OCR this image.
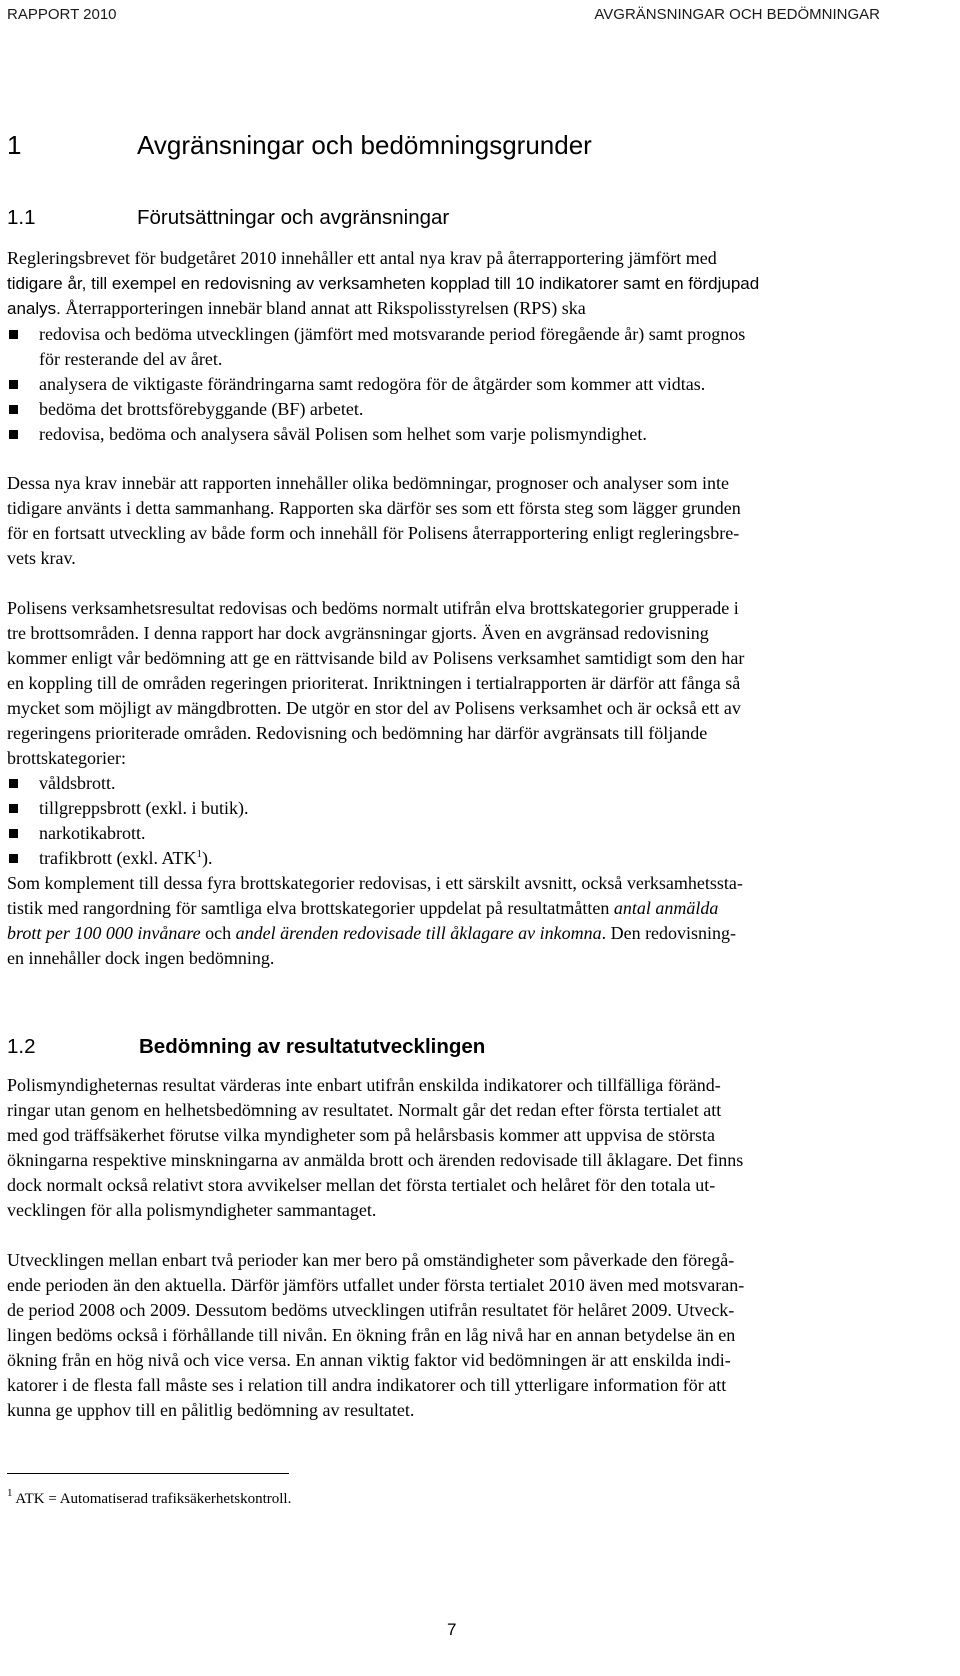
RAPPORT 2010	AVGRÄNSNINGAR OCH BEDÖMNINGAR
1	Avgränsningar och bedömningsgrunder
1.1	Förutsättningar och avgränsningar
Regleringsbrevet för budgetåret 2010 innehåller ett antal nya krav på återrapportering jämfört med
tidigare år, till exempel en redovisning av verksamheten kopplad till 10 indikatorer samt en fördjupad
analys. Återrapporteringen innebär bland annat att Rikspolisstyrelsen (RPS) ska
redovisa och bedöma utvecklingen (jämfört med motsvarande period föregående år) samt prognos
för resterande del av året.
analysera de viktigaste förändringarna samt redogöra för de åtgärder som kommer att vidtas.
bedöma det brottsförebyggande (BF) arbetet.
redovisa, bedöma och analysera såväl Polisen som helhet som varje polismyndighet.
Dessa nya krav innebär att rapporten innehåller olika bedömningar, prognoser och analyser som inte
tidigare använts i detta sammanhang. Rapporten ska därför ses som ett första steg som lägger grunden
för en fortsatt utveckling av både form och innehåll för Polisens återrapportering enligt regleringsbre-
vets krav.
Polisens verksamhetsresultat redovisas och bedöms normalt utifrån elva brottskategorier grupperade i
tre brottsområden. I denna rapport har dock avgränsningar gjorts. Även en avgränsad redovisning
kommer enligt vår bedömning att ge en rättvisande bild av Polisens verksamhet samtidigt som den har
en koppling till de områden regeringen prioriterat. Inriktningen i tertialrapporten är därför att fånga så
mycket som möjligt av mängdbrotten. De utgör en stor del av Polisens verksamhet och är också ett av
regeringens prioriterade områden. Redovisning och bedömning har därför avgränsats till följande
brottskategorier:
våldsbrott.
tillgreppsbrott (exkl. i butik).
narkotikabrott.
trafikbrott (exkl. ATK$^1$).
Som komplement till dessa fyra brottskategorier redovisas, i ett särskilt avsnitt, också verksamhetssta-
tistik med rangordning för samtliga elva brottskategorier uppdelat på resultatmåtten antal anmälda
brott per 100 000 invånare och andel ärenden redovisade till åklagare av inkomna. Den redovisning-
en innehåller dock ingen bedömning.
1.2	Bedömning av resultatutvecklingen
Polismyndigheternas resultat värderas inte enbart utifrån enskilda indikatorer och tillfälliga föränd-
ringar utan genom en helhetsbedömning av resultatet. Normalt går det redan efter första tertialet att
med god träffsäkerhet förutse vilka myndigheter som på helårsbasis kommer att uppvisa de största
ökningarna respektive minskningarna av anmälda brott och ärenden redovisade till åklagare. Det finns
dock normalt också relativt stora avvikelser mellan det första tertialet och helåret för den totala ut-
vecklingen för alla polismyndigheter sammantaget.
Utvecklingen mellan enbart två perioder kan mer bero på omständigheter som påverkade den föregå-
ende perioden än den aktuella. Därför jämförs utfallet under första tertialet 2010 även med motsvaran-
de period 2008 och 2009. Dessutom bedöms utvecklingen utifrån resultatet för helåret 2009. Utveck-
lingen bedöms också i förhållande till nivån. En ökning från en låg nivå har en annan betydelse än en
ökning från en hög nivå och vice versa. En annan viktig faktor vid bedömningen är att enskilda indi-
katorer i de flesta fall måste ses i relation till andra indikatorer och till ytterligare information för att
kunna ge upphov till en pålitlig bedömning av resultatet.
$^1$ ATK = Automatiserad trafiksäkerhetskontroll.
7
